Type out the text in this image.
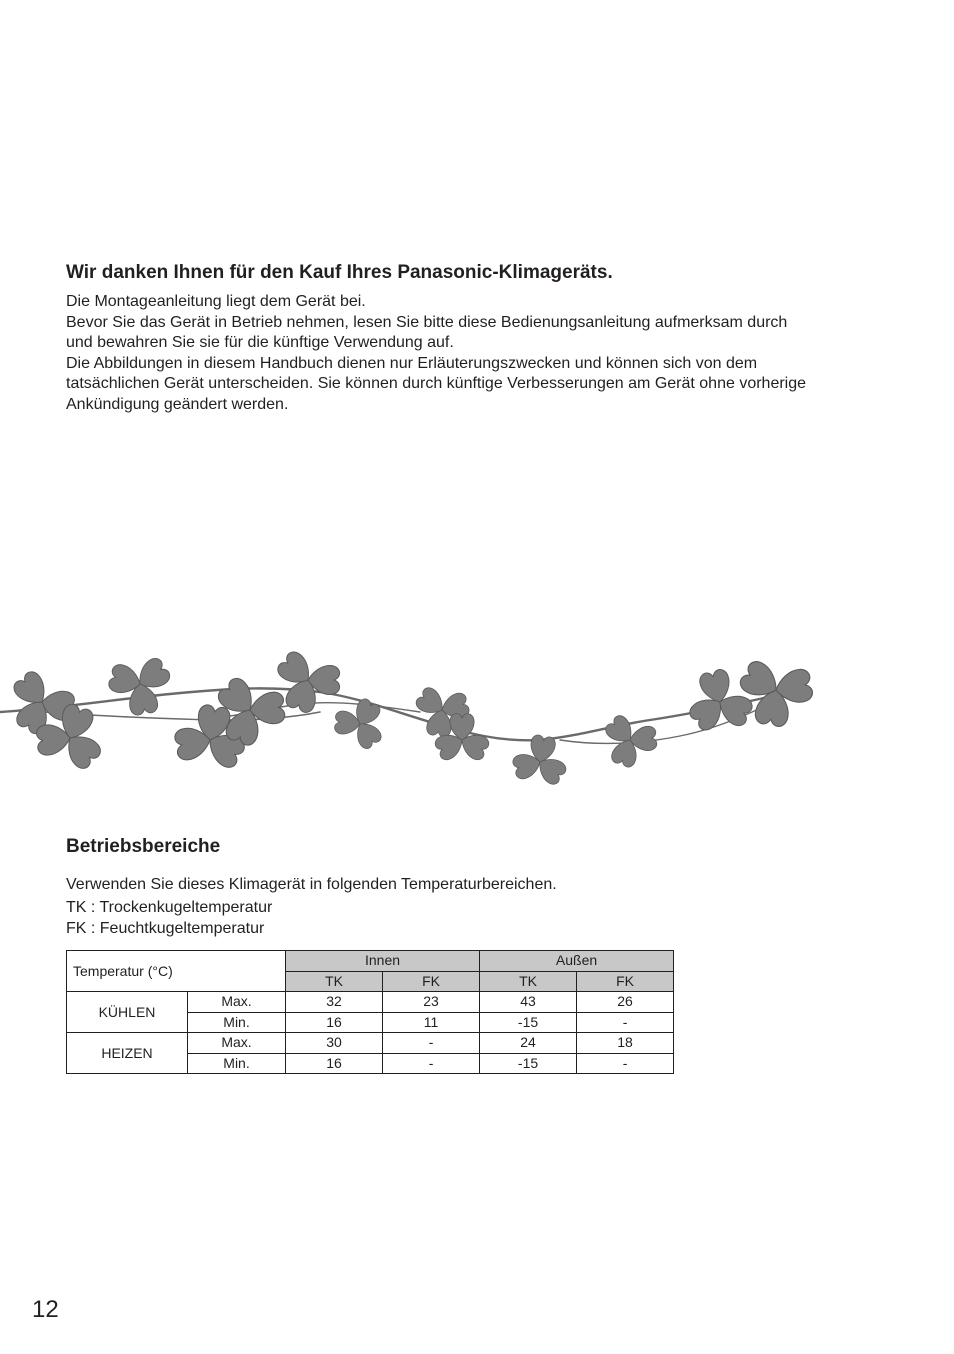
Wir danken Ihnen für den Kauf Ihres Panasonic-Klimageräts.

Die Montageanleitung liegt dem Gerät bei.

Bevor Sie das Gerät in Betrieb nehmen, lesen Sie bitte diese Bedienungsanleitung aufmerksam durch

und bewahren Sie sie für die künftige Verwendung auf.

Die Abbildungen in diesem Handbuch dienen nur Erläuterungszwecken und können sich von dem

tatsächlichen Gerät unterscheiden. Sie können durch künftige Verbesserungen am Gerät ohne vorherige

Ankündigung geändert werden.

Betriebsbereiche

Verwenden Sie dieses Klimagerät in folgenden Temperaturbereichen.

TK : Trockenkugeltemperatur

FK : Feuchtkugeltemperatur

Temperatur (°C)		Innen		Außen	
		TK	FK	TK	FK
KÜHLEN	Max.	32	23	43	26
	Min.	16	11	-15	-
HEIZEN	Max.	30	-	24	18
	Min.	16	-	-15	-
12
